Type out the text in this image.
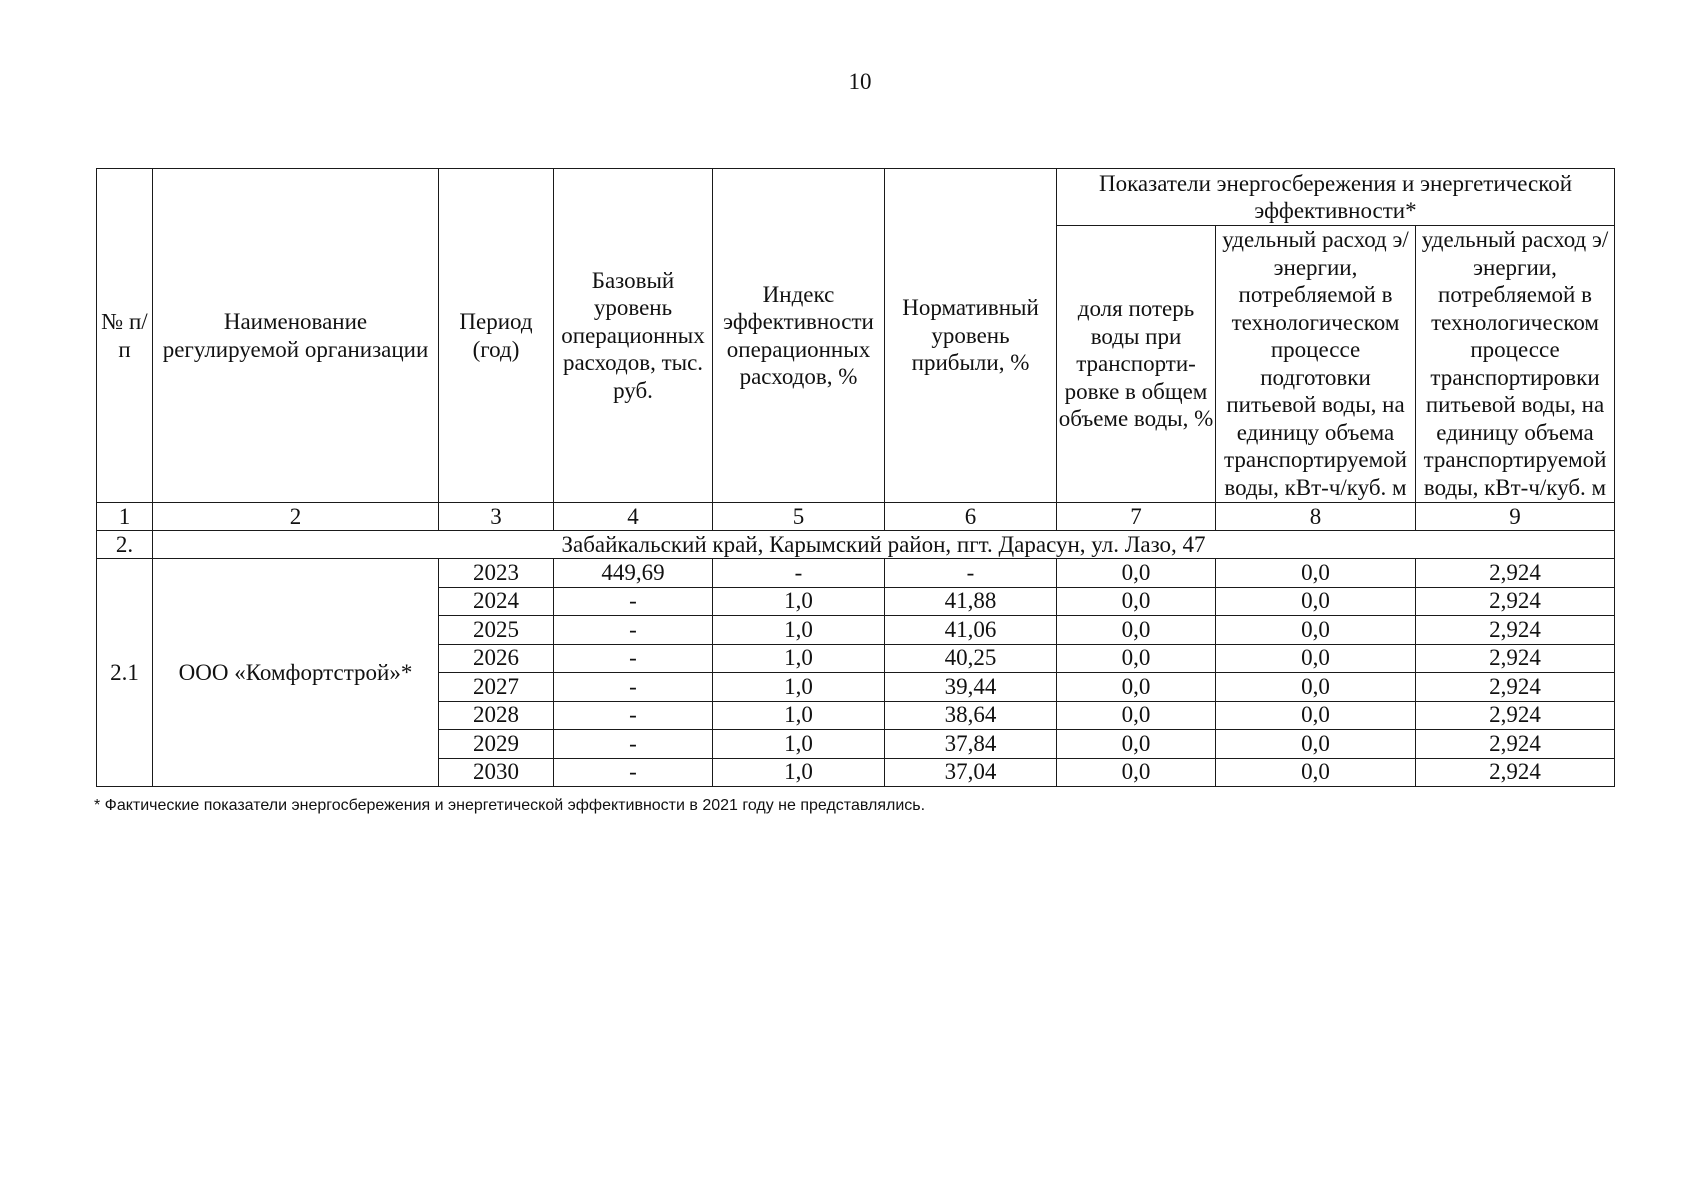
10
№ п/п	Наименование регулируемой организации	Период (год)	Базовый уровень операционных расходов, тыс. руб.	Индекс эффективности операционных расходов, %	Нормативный уровень прибыли, %	Показатели энергосбережения и энергетической эффективности*		
						доля потерь воды при транспорти-ровке в общем объеме воды, %	удельный расход э/энергии, потребляемой в технологическом процессе подготовки питьевой воды, на единицу объема транспортируемой воды, кВт-ч/куб. м	удельный расход э/энергии, потребляемой в технологическом процессе транспортировки питьевой воды, на единицу объема транспортируемой воды, кВт-ч/куб. м
1	2	3	4	5	6	7	8	9
2.	Забайкальский край, Карымский район, пгт. Дарасун, ул. Лазо, 47							
2.1	ООО «Комфортстрой»*	2023	449,69	-	-	0,0	0,0	2,924
		2024	-	1,0	41,88	0,0	0,0	2,924
		2025	-	1,0	41,06	0,0	0,0	2,924
		2026	-	1,0	40,25	0,0	0,0	2,924
		2027	-	1,0	39,44	0,0	0,0	2,924
		2028	-	1,0	38,64	0,0	0,0	2,924
		2029	-	1,0	37,84	0,0	0,0	2,924
		2030	-	1,0	37,04	0,0	0,0	2,924
* Фактические показатели энергосбережения и энергетической эффективности в 2021 году не представлялись.
